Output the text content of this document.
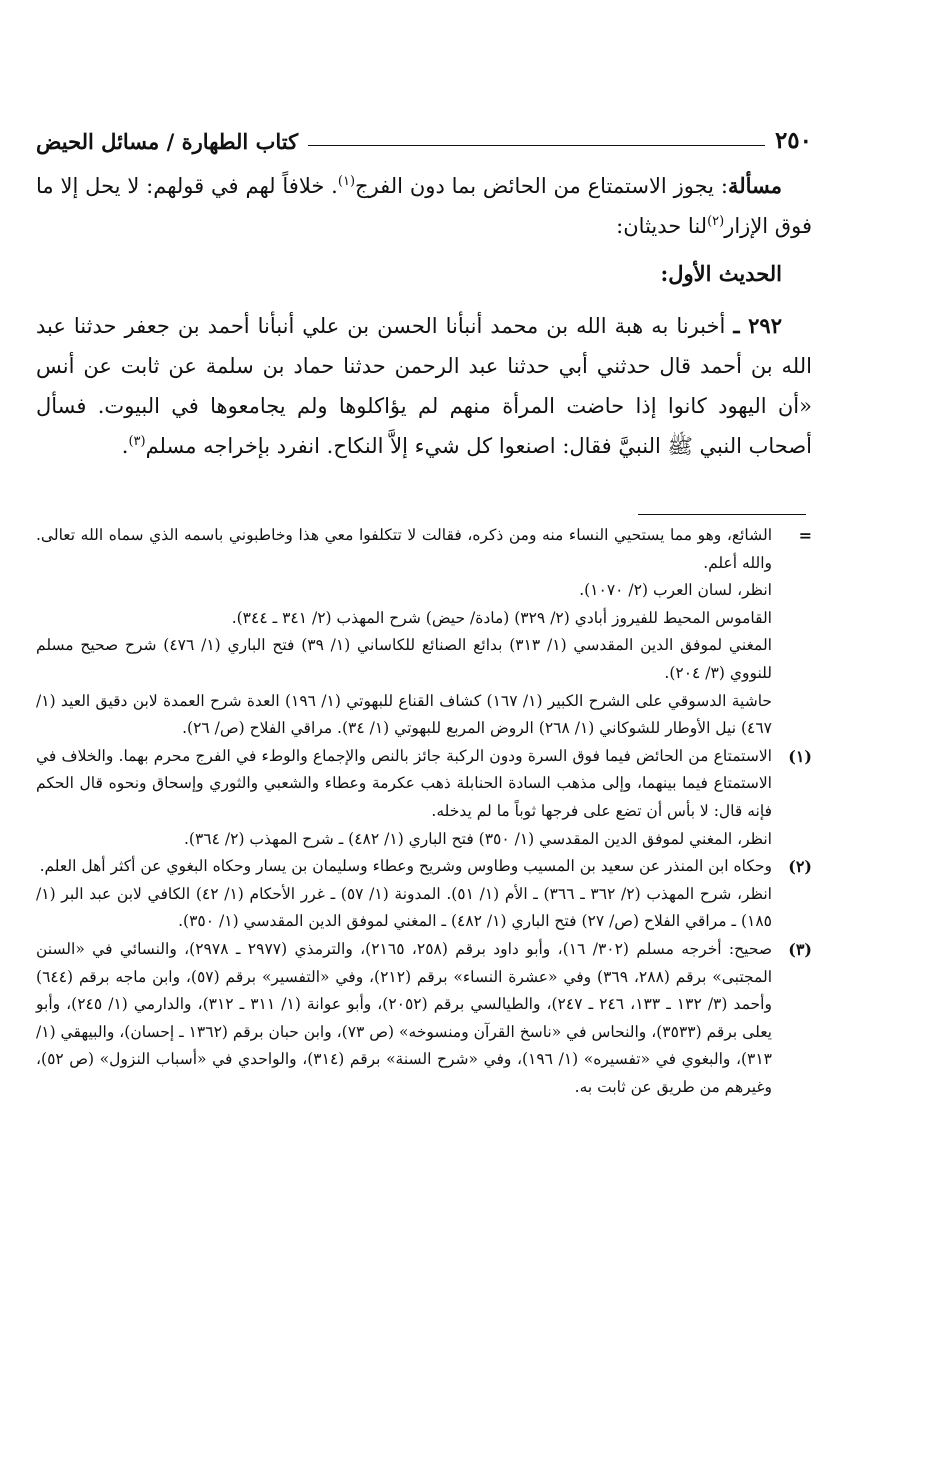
٢٥٠
كتاب الطهارة / مسائل الحيض

مسألة: يجوز الاستمتاع من الحائض بما دون الفرج$^{(١)}$. خلافاً لهم في قولهم: لا يحل إلا ما فوق الإزار$^{(٢)}$لنا حديثان:

الحديث الأول:

٢٩٢ ـ أخبرنا به هبة الله بن محمد أنبأنا الحسن بن علي أنبأنا أحمد بن جعفر حدثنا عبد الله بن أحمد قال حدثني أبي حدثنا عبد الرحمن حدثنا حماد بن سلمة عن ثابت عن أنس «أن اليهود كانوا إذا حاضت المرأة منهم لم يؤاكلوها ولم يجامعوها في البيوت. فسأل أصحاب النبي ﷺ النبيَّ فقال: اصنعوا كل شيء إلاَّ النكاح. انفرد بإخراجه مسلم$^{(٣)}$.

=

الشائع، وهو مما يستحيي النساء منه ومن ذكره، فقالت لا تتكلفوا معي هذا وخاطبوني باسمه الذي سماه الله تعالى. والله أعلم.

انظر، لسان العرب (٢/ ١٠٧٠).

القاموس المحيط للفيروز أبادي (٢/ ٣٢٩) (مادة/ حيض) شرح المهذب (٢/ ٣٤١ ـ ٣٤٤).

المغني لموفق الدين المقدسي (١/ ٣١٣) بدائع الصنائع للكاساني (١/ ٣٩) فتح الباري (١/ ٤٧٦) شرح صحيح مسلم للنووي (٣/ ٢٠٤).

حاشية الدسوقي على الشرح الكبير (١/ ١٦٧) كشاف القناع للبهوتي (١/ ١٩٦) العدة شرح العمدة لابن دقيق العيد (١/ ٤٦٧) نيل الأوطار للشوكاني (١/ ٢٦٨) الروض المربع للبهوتي (١/ ٣٤). مراقي الفلاح (ص/ ٢٦).

(١)

الاستمتاع من الحائض فيما فوق السرة ودون الركبة جائز بالنص والإجماع والوطء في الفرج محرم بهما. والخلاف في الاستمتاع فيما بينهما، وإلى مذهب السادة الحنابلة ذهب عكرمة وعطاء والشعبي والثوري وإسحاق ونحوه قال الحكم فإنه قال: لا بأس أن تضع على فرجها ثوباً ما لم يدخله.

انظر، المغني لموفق الدين المقدسي (١/ ٣٥٠) فتح الباري (١/ ٤٨٢) ـ شرح المهذب (٢/ ٣٦٤).

(٢)

وحكاه ابن المنذر عن سعيد بن المسيب وطاوس وشريح وعطاء وسليمان بن يسار وحكاه البغوي عن أكثر أهل العلم.

انظر، شرح المهذب (٢/ ٣٦٢ ـ ٣٦٦) ـ الأم (١/ ٥١). المدونة (١/ ٥٧) ـ غرر الأحكام (١/ ٤٢) الكافي لابن عبد البر (١/ ١٨٥) ـ مراقي الفلاح (ص/ ٢٧) فتح الباري (١/ ٤٨٢) ـ المغني لموفق الدين المقدسي (١/ ٣٥٠).

(٣)

صحيح: أخرجه مسلم (٣٠٢/ ١٦)، وأبو داود برقم (٢٥٨، ٢١٦٥)، والترمذي (٢٩٧٧ ـ ٢٩٧٨)، والنسائي في «السنن المجتبى» برقم (٢٨٨، ٣٦٩) وفي «عشرة النساء» برقم (٢١٢)، وفي «التفسير» برقم (٥٧)، وابن ماجه برقم (٦٤٤) وأحمد (٣/ ١٣٢ ـ ١٣٣، ٢٤٦ ـ ٢٤٧)، والطيالسي برقم (٢٠٥٢)، وأبو عوانة (١/ ٣١١ ـ ٣١٢)، والدارمي (١/ ٢٤٥)، وأبو يعلى برقم (٣٥٣٣)، والنحاس في «ناسخ القرآن ومنسوخه» (ص ٧٣)، وابن حبان برقم (١٣٦٢ ـ إحسان)، والبيهقي (١/ ٣١٣)، والبغوي في «تفسيره» (١/ ١٩٦)، وفي «شرح السنة» برقم (٣١٤)، والواحدي في «أسباب النزول» (ص ٥٢)، وغيرهم من طريق عن ثابت به.
